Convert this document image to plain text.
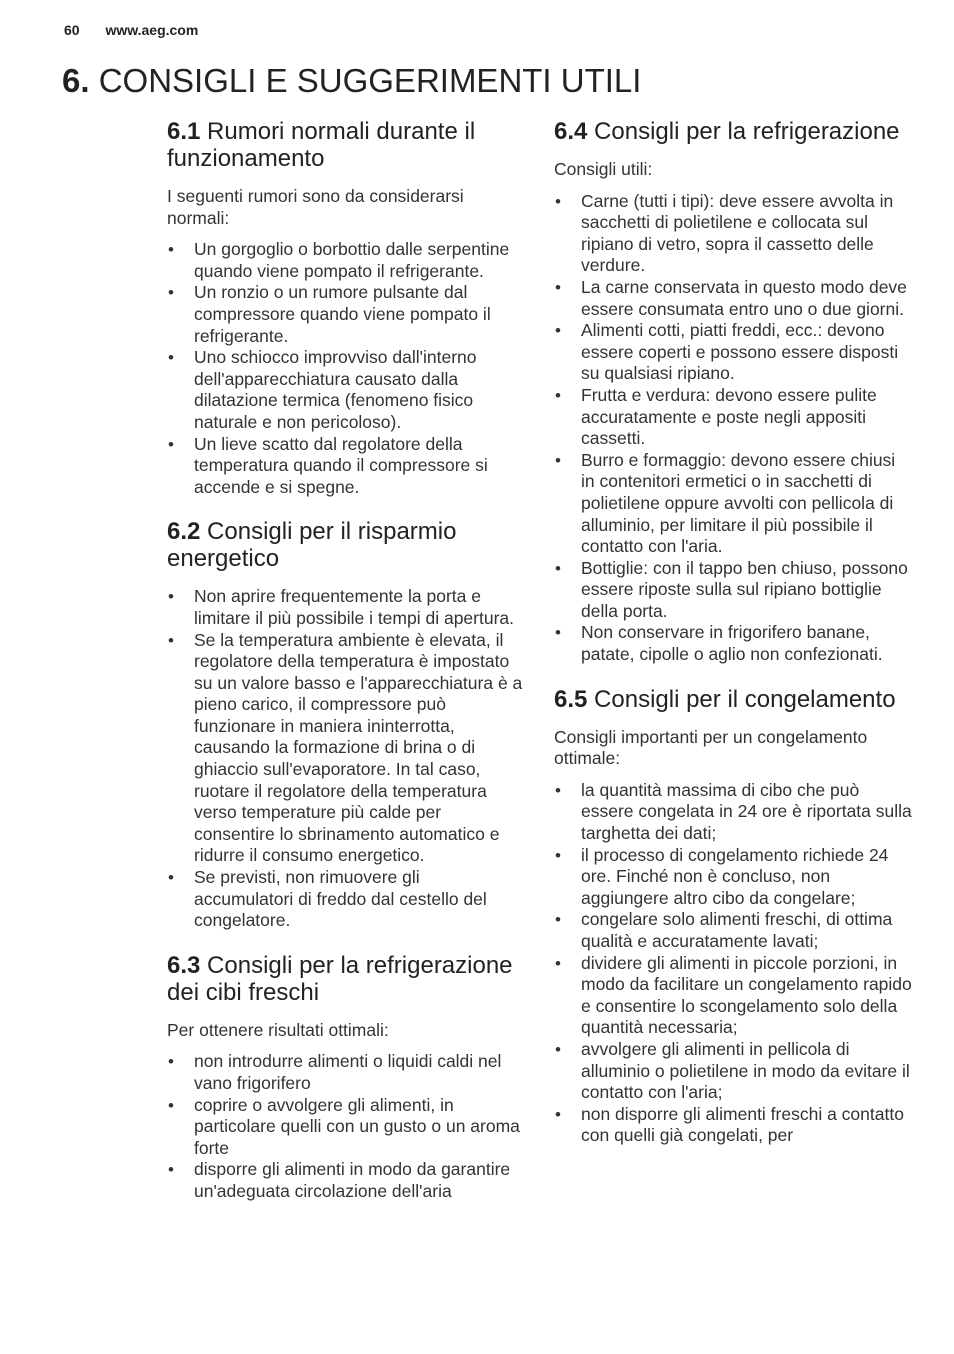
60 www.aeg.com
6. CONSIGLI E SUGGERIMENTI UTILI
6.1 Rumori normali durante il funzionamento

I seguenti rumori sono da considerarsi normali:

• Un gorgoglio o borbottio dalle serpentine quando viene pompato il refrigerante.
• Un ronzio o un rumore pulsante dal compressore quando viene pompato il refrigerante.
• Uno schiocco improvviso dall'interno dell'apparecchiatura causato dalla dilatazione termica (fenomeno fisico naturale e non pericoloso).
• Un lieve scatto dal regolatore della temperatura quando il compressore si accende e si spegne.
6.2 Consigli per il risparmio energetico
• Non aprire frequentemente la porta e limitare il più possibile i tempi di apertura.
• Se la temperatura ambiente è elevata, il regolatore della temperatura è impostato su un valore basso e l'apparecchiatura è a pieno carico, il compressore può funzionare in maniera ininterrotta, causando la formazione di brina o di ghiaccio sull'evaporatore. In tal caso, ruotare il regolatore della temperatura verso temperature più calde per consentire lo sbrinamento automatico e ridurre il consumo energetico.
• Se previsti, non rimuovere gli accumulatori di freddo dal cestello del congelatore.
6.3 Consigli per la refrigerazione dei cibi freschi

Per ottenere risultati ottimali:

• non introdurre alimenti o liquidi caldi nel vano frigorifero
• coprire o avvolgere gli alimenti, in particolare quelli con un gusto o un aroma forte
• disporre gli alimenti in modo da garantire un'adeguata circolazione dell'aria
6.4 Consigli per la refrigerazione

Consigli utili:

• Carne (tutti i tipi): deve essere avvolta in sacchetti di polietilene e collocata sul ripiano di vetro, sopra il cassetto delle verdure.
• La carne conservata in questo modo deve essere consumata entro uno o due giorni.
• Alimenti cotti, piatti freddi, ecc.: devono essere coperti e possono essere disposti su qualsiasi ripiano.
• Frutta e verdura: devono essere pulite accuratamente e poste negli appositi cassetti.
• Burro e formaggio: devono essere chiusi in contenitori ermetici o in sacchetti di polietilene oppure avvolti con pellicola di alluminio, per limitare il più possibile il contatto con l'aria.
• Bottiglie: con il tappo ben chiuso, possono essere riposte sulla sul ripiano bottiglie della porta.
• Non conservare in frigorifero banane, patate, cipolle o aglio non confezionati.
6.5 Consigli per il congelamento

Consigli importanti per un congelamento ottimale:

• la quantità massima di cibo che può essere congelata in 24 ore è riportata sulla targhetta dei dati;
• il processo di congelamento richiede 24 ore. Finché non è concluso, non aggiungere altro cibo da congelare;
• congelare solo alimenti freschi, di ottima qualità e accuratamente lavati;
• dividere gli alimenti in piccole porzioni, in modo da facilitare un congelamento rapido e consentire lo scongelamento solo della quantità necessaria;
• avvolgere gli alimenti in pellicola di alluminio o polietilene in modo da evitare il contatto con l'aria;
• non disporre gli alimenti freschi a contatto con quelli già congelati, per
